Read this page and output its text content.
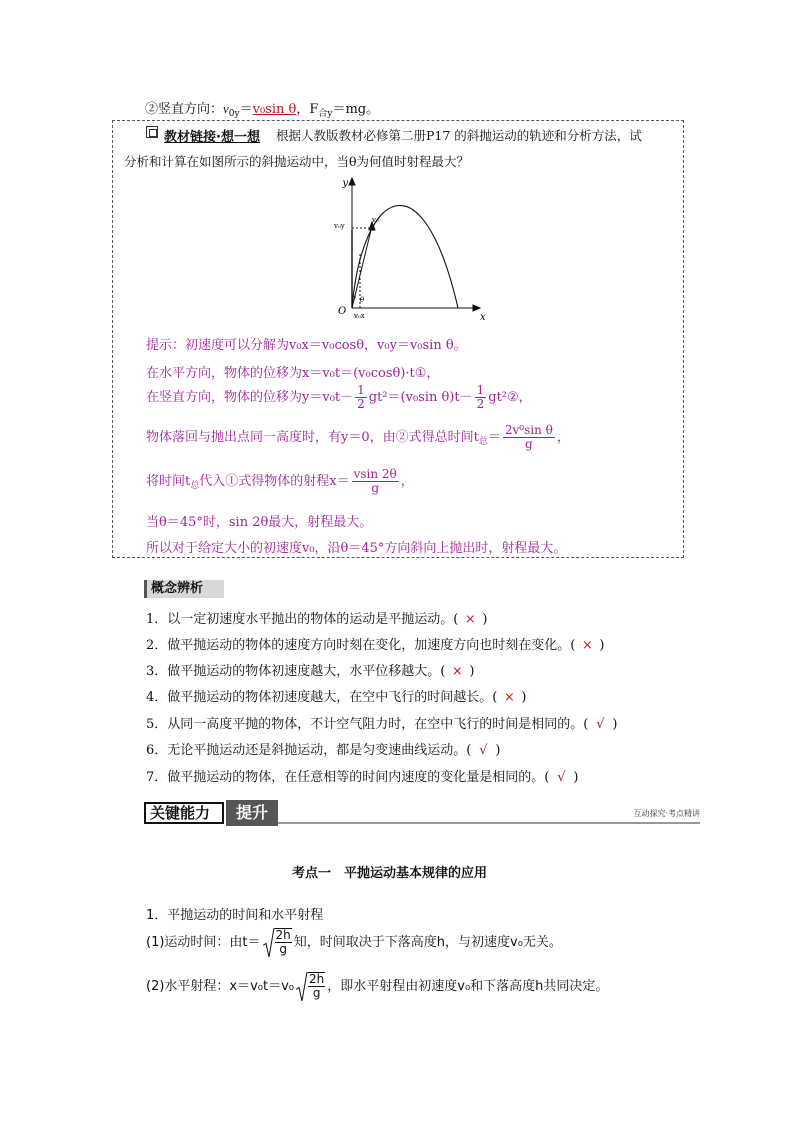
②竖直方向：$v_{0y}=v_0\sin$ θ，$F_{合y}=mg$。
教材链接·想一想 根据人教版教材必修第二册P17 的斜抛运动的轨迹和分析方法，试
分析和计算在如图所示的斜抛运动中，当θ为何值时射程最大？
y
x
O
v₀
v₀y
v₀x
θ
提示：初速度可以分解为v₀x＝v₀cosθ，v₀y＝v₀sin θ。
在水平方向，物体的位移为x＝v₀t＝(v₀cosθ)·t①，
在竖直方向，物体的位移为$y=v_0t- \frac{1}{2} gt^2=(v_0\sin$ $\theta)t- \frac{1}{2}$ gt²②，
物体落回与抛出点同一高度时，有y＝0，由②式得总时间$t_总= \frac{\text{2v⁰sin θ}}{g}$ ，
将时间$t_总$代入①式得物体的射程$x= \frac{vsin 2\theta}{g}$ ，
当θ＝45°时，sin 2θ最大，射程最大。
所以对于给定大小的初速度v₀，沿θ＝45°方向斜向上抛出时，射程最大。
概念辨析
1．以一定初速度水平抛出的物体的运动是平抛运动。( × )
2．做平抛运动的物体的速度方向时刻在变化，加速度方向也时刻在变化。( × )
3．做平抛运动的物体初速度越大，水平位移越大。( × )
4．做平抛运动的物体初速度越大，在空中飞行的时间越长。( × )
5．从同一高度平抛的物体，不计空气阻力时，在空中飞行的时间是相同的。( √ )
6．无论平抛运动还是斜抛运动，都是匀变速曲线运动。( √ )
7．做平抛运动的物体，在任意相等的时间内速度的变化量是相同的。( √ )
关键能力	提升	互动探究·考点精讲
考点一　平抛运动基本规律的应用
1．平抛运动的时间和水平射程
(1)运动时间：由$t= \frac{2h}{g}$ 知，时间取决于下落高度h，与初速度v₀无关。
(2)水平射程：$x=v_0t=v_0 \frac{2h}{g}$ ，即水平射程由初速度v₀和下落高度h共同决定。
